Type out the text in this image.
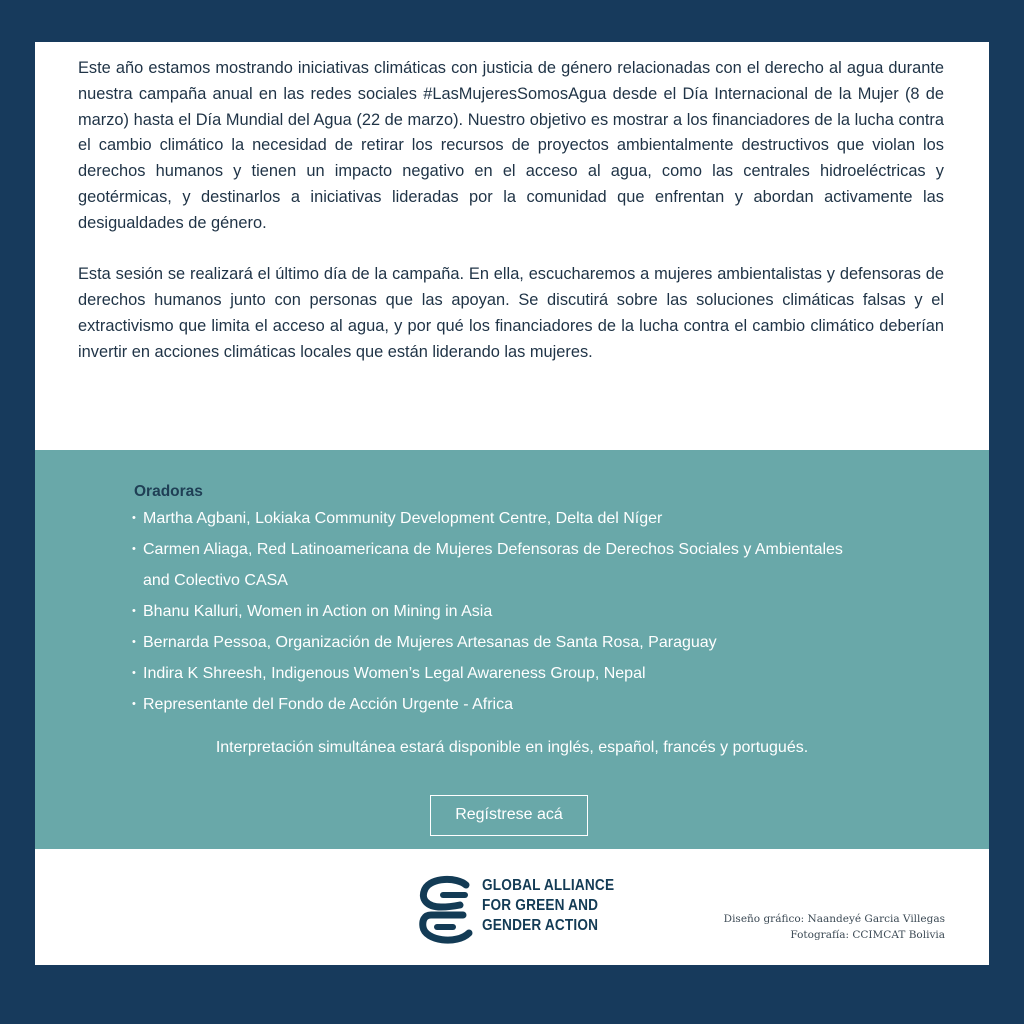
Este año estamos mostrando iniciativas climáticas con justicia de género relacionadas con el derecho al agua durante nuestra campaña anual en las redes sociales #LasMujeresSomosAgua desde el Día Internacional de la Mujer (8 de marzo) hasta el Día Mundial del Agua (22 de marzo). Nuestro objetivo es mostrar a los financiadores de la lucha contra el cambio climático la necesidad de retirar los recursos de proyectos ambientalmente destructivos que violan los derechos humanos y tienen un impacto negativo en el acceso al agua, como las centrales hidroeléctricas y geotérmicas, y destinarlos a iniciativas lideradas por la comunidad que enfrentan y abordan activamente las desigualdades de género.

Esta sesión se realizará el último día de la campaña. En ella, escucharemos a mujeres ambientalistas y defensoras de derechos humanos junto con personas que las apoyan. Se discutirá sobre las soluciones climáticas falsas y el extractivismo que limita el acceso al agua, y por qué los financiadores de la lucha contra el cambio climático deberían invertir en acciones climáticas locales que están liderando las mujeres.

Oradoras
• Martha Agbani, Lokiaka Community Development Centre, Delta del Níger
• Carmen Aliaga, Red Latinoamericana de Mujeres Defensoras de Derechos Sociales y Ambientales and Colectivo CASA
• Bhanu Kalluri, Women in Action on Mining in Asia
• Bernarda Pessoa, Organización de Mujeres Artesanas de Santa Rosa, Paraguay
• Indira K Shreesh, Indigenous Women’s Legal Awareness Group, Nepal
• Representante del Fondo de Acción Urgente - Africa
Interpretación simultánea estará disponible en inglés, español, francés y portugués.
Regístrese acá
GLOBAL ALLIANCE
FOR GREEN AND
GENDER ACTION	Diseño gráfico: Naandeyé Garcia Villegas
Fotografía: CCIMCAT Bolivia
